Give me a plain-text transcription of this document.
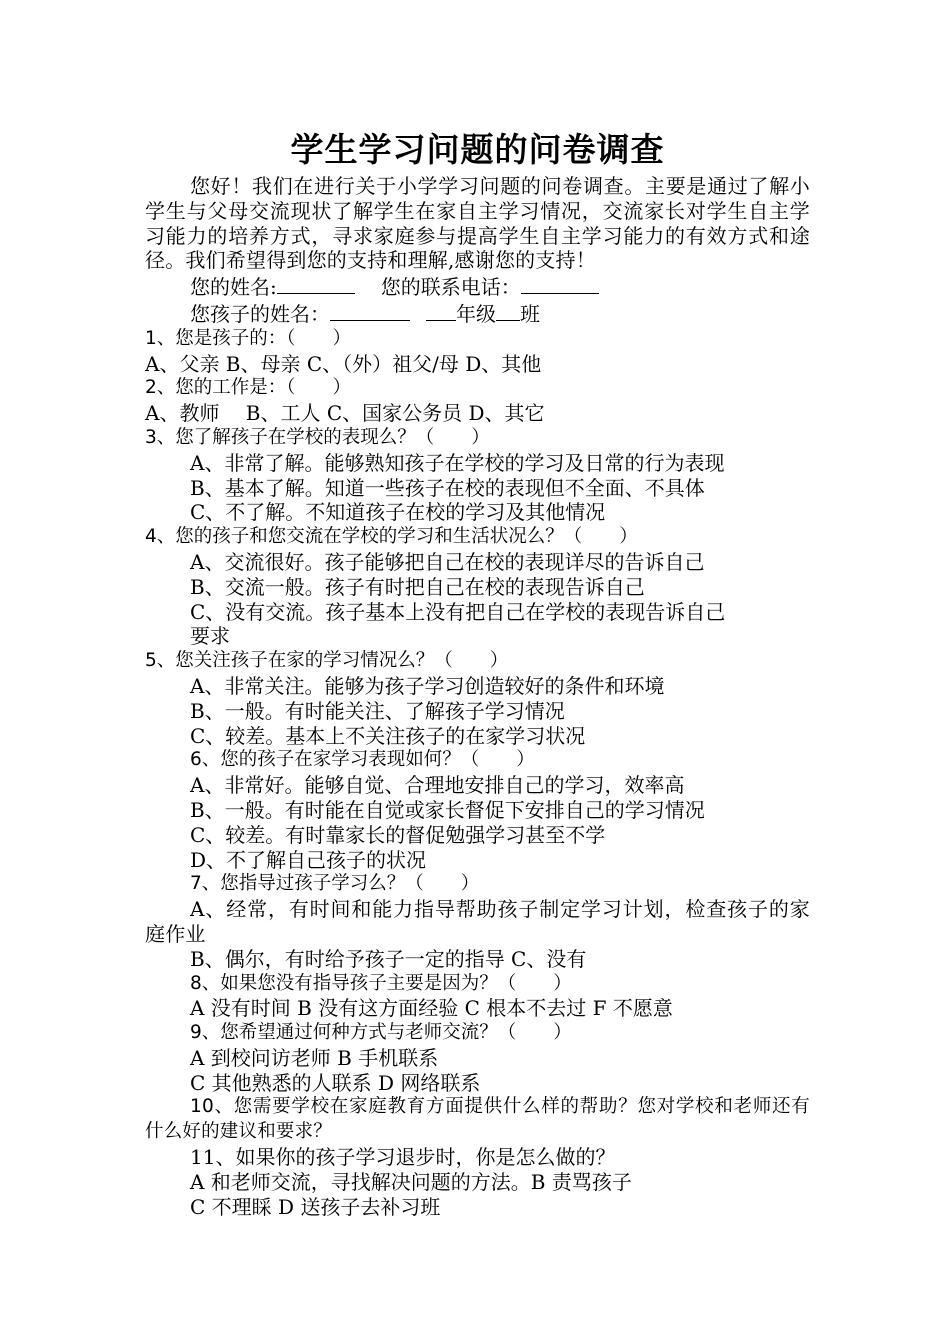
学生学习问题的问卷调查
您好！我们在进行关于小学学习问题的问卷调查。主要是通过了解小学生与父母交流现状了解学生在家自主学习情况，交流家长对学生自主学习能力的培养方式，寻求家庭参与提高学生自主学习能力的有效方式和途径。我们希望得到您的支持和理解,感谢您的支持！
您的姓名:	您的联系电话：
您孩子的姓名：	年级 班
1、您是孩子的：（　　）
A、父亲 B、母亲 C、（外）祖父/母 D、其他
2、您的工作是：（　　）
A、教师　 B、工人 C、国家公务员 D、其它
3、您了解孩子在学校的表现么？（　　）
A、非常了解。能够熟知孩子在学校的学习及日常的行为表现
B、基本了解。知道一些孩子在校的表现但不全面、不具体
C、不了解。不知道孩子在校的学习及其他情况
4、您的孩子和您交流在学校的学习和生活状况么？（　　）
A、交流很好。孩子能够把自己在校的表现详尽的告诉自己
B、交流一般。孩子有时把自己在校的表现告诉自己
C、没有交流。孩子基本上没有把自己在学校的表现告诉自己
要求
5、您关注孩子在家的学习情况么？（　　）
A、非常关注。能够为孩子学习创造较好的条件和环境
B、一般。有时能关注、了解孩子学习情况
C、较差。基本上不关注孩子的在家学习状况
6、您的孩子在家学习表现如何？（　　）
A、非常好。能够自觉、合理地安排自己的学习，效率高
B、一般。有时能在自觉或家长督促下安排自己的学习情况
C、较差。有时靠家长的督促勉强学习甚至不学
D、不了解自己孩子的状况
7、您指导过孩子学习么？（　　）
A、经常，有时间和能力指导帮助孩子制定学习计划，检查孩子的家庭作业
B、偶尔，有时给予孩子一定的指导 C、没有
8、如果您没有指导孩子主要是因为？（　　）
A 没有时间 B 没有这方面经验 C 根本不去过 F 不愿意
9、您希望通过何种方式与老师交流？（　　）
A 到校问访老师 B 手机联系
C 其他熟悉的人联系 D 网络联系
10、您需要学校在家庭教育方面提供什么样的帮助？您对学校和老师还有什么好的建议和要求？
11、如果你的孩子学习退步时，你是怎么做的？
A 和老师交流，寻找解决问题的方法。B 责骂孩子
C 不理睬 D 送孩子去补习班
